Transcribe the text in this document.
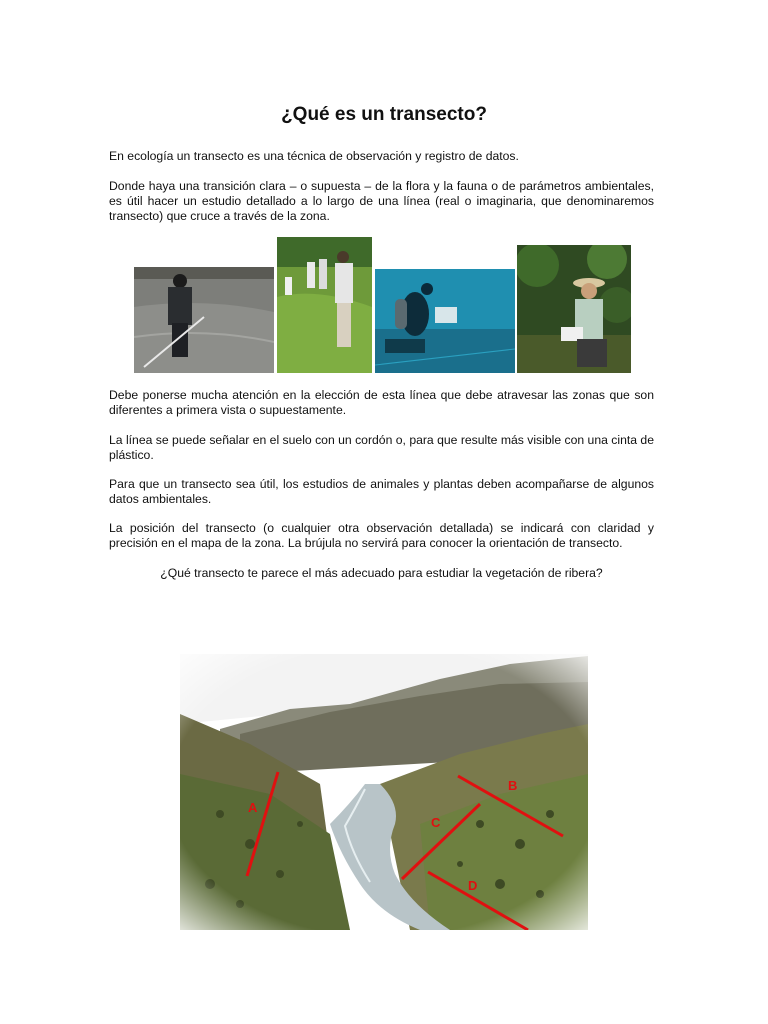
¿Qué es un transecto?

En ecología un transecto es una técnica de observación y registro de datos.

Donde haya una transición clara – o supuesta – de la flora y la fauna o de parámetros ambientales, es útil hacer un estudio detallado a lo largo de una línea (real o imaginaria, que denominaremos transecto) que cruce a través de la zona.

Debe ponerse mucha atención en la elección de esta línea que debe atravesar las zonas que son diferentes a primera vista o supuestamente.

La línea se puede señalar en el suelo con un cordón o, para que resulte más visible con una cinta de plástico.

Para que un transecto sea útil, los estudios de animales y plantas deben acompañarse de algunos datos ambientales.

La posición del transecto (o cualquier otra observación detallada) se indicará con claridad y precisión en el mapa de la zona. La brújula no servirá para conocer la orientación de transecto.

¿Qué transecto te parece el más adecuado para estudiar la vegetación de ribera?

A
B
C
D
